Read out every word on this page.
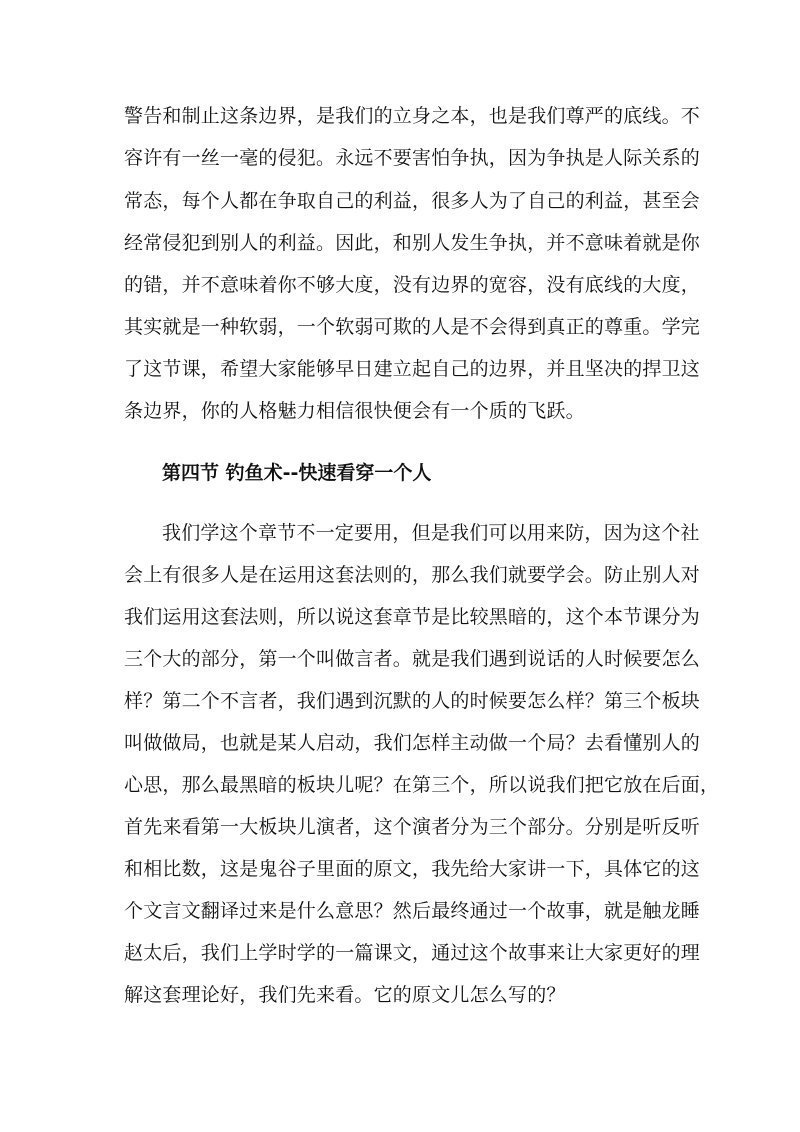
警告和制止这条边界，是我们的立身之本，也是我们尊严的底线。不
容许有一丝一毫的侵犯。永远不要害怕争执，因为争执是人际关系的
常态，每个人都在争取自己的利益，很多人为了自己的利益，甚至会
经常侵犯到别人的利益。因此，和别人发生争执，并不意味着就是你
的错，并不意味着你不够大度，没有边界的宽容，没有底线的大度，
其实就是一种软弱，一个软弱可欺的人是不会得到真正的尊重。学完
了这节课，希望大家能够早日建立起自己的边界，并且坚决的捍卫这
条边界，你的人格魅力相信很快便会有一个质的飞跃。
第四节 钓鱼术--快速看穿一个人
我们学这个章节不一定要用，但是我们可以用来防，因为这个社
会上有很多人是在运用这套法则的，那么我们就要学会。防止别人对
我们运用这套法则，所以说这套章节是比较黑暗的，这个本节课分为
三个大的部分，第一个叫做言者。就是我们遇到说话的人时候要怎么
样？第二个不言者，我们遇到沉默的人的时候要怎么样？第三个板块
叫做做局，也就是某人启动，我们怎样主动做一个局？去看懂别人的
心思，那么最黑暗的板块儿呢？在第三个，所以说我们把它放在后面，
首先来看第一大板块儿演者，这个演者分为三个部分。分别是听反听
和相比数，这是鬼谷子里面的原文，我先给大家讲一下，具体它的这
个文言文翻译过来是什么意思？然后最终通过一个故事，就是触龙睡
赵太后，我们上学时学的一篇课文，通过这个故事来让大家更好的理
解这套理论好，我们先来看。它的原文儿怎么写的？
